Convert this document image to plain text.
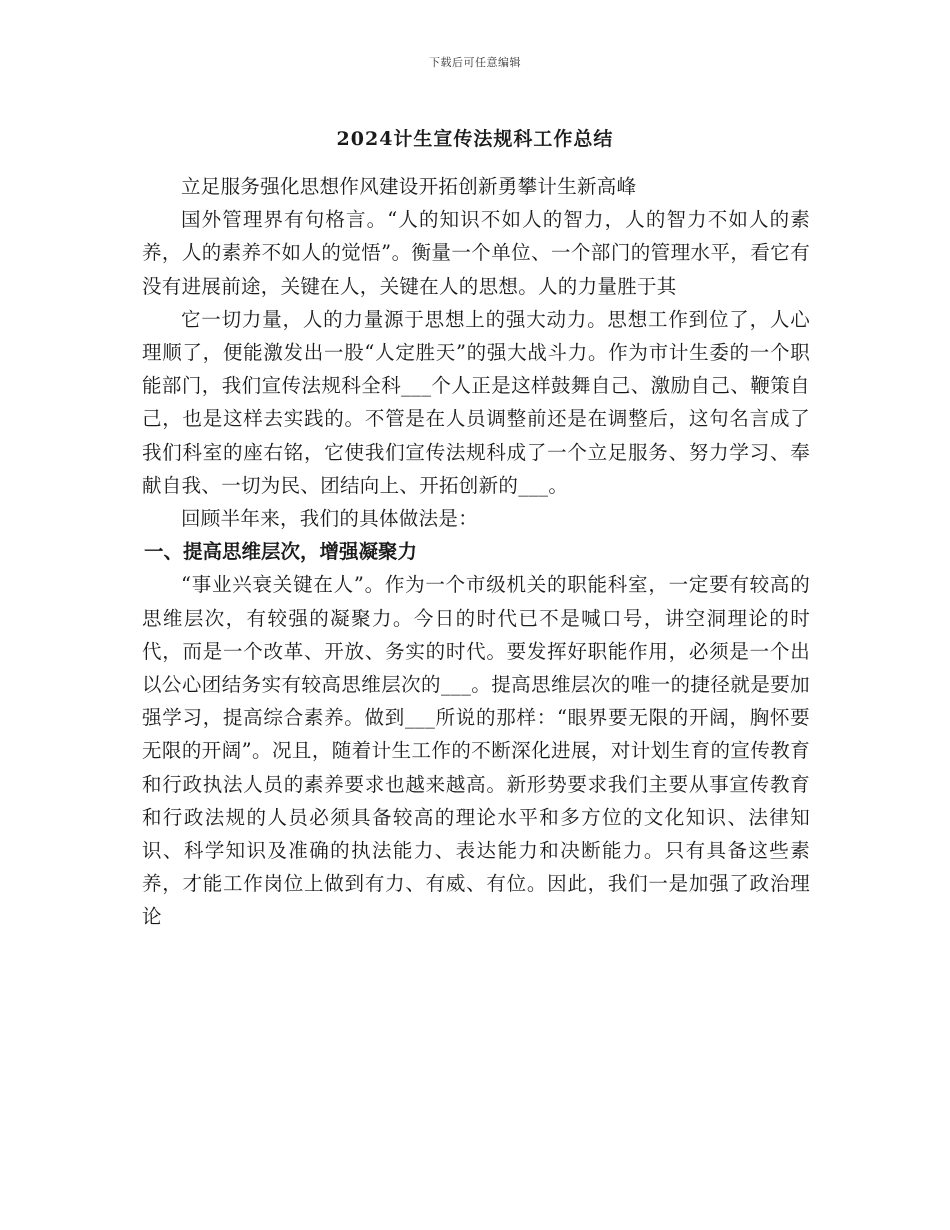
下载后可任意编辑
2024计生宣传法规科工作总结

立足服务强化思想作风建设开拓创新勇攀计生新高峰

国外管理界有句格言。“人的知识不如人的智力，人的智力不如人的素养，人的素养不如人的觉悟”。衡量一个单位、一个部门的管理水平，看它有没有进展前途，关键在人，关键在人的思想。人的力量胜于其

它一切力量，人的力量源于思想上的强大动力。思想工作到位了，人心理顺了，便能激发出一股“人定胜天”的强大战斗力。作为市计生委的一个职能部门，我们宣传法规科全科___个人正是这样鼓舞自己、激励自己、鞭策自己，也是这样去实践的。不管是在人员调整前还是在调整后，这句名言成了我们科室的座右铭，它使我们宣传法规科成了一个立足服务、努力学习、奉献自我、一切为民、团结向上、开拓创新的___。

回顾半年来，我们的具体做法是：

一、提高思维层次，增强凝聚力

“事业兴衰关键在人”。作为一个市级机关的职能科室，一定要有较高的思维层次，有较强的凝聚力。今日的时代已不是喊口号，讲空洞理论的时代，而是一个改革、开放、务实的时代。要发挥好职能作用，必须是一个出以公心团结务实有较高思维层次的___。提高思维层次的唯一的捷径就是要加强学习，提高综合素养。做到___所说的那样：“眼界要无限的开阔，胸怀要无限的开阔”。况且，随着计生工作的不断深化进展，对计划生育的宣传教育和行政执法人员的素养要求也越来越高。新形势要求我们主要从事宣传教育和行政法规的人员必须具备较高的理论水平和多方位的文化知识、法律知识、科学知识及准确的执法能力、表达能力和决断能力。只有具备这些素养，才能工作岗位上做到有力、有威、有位。因此，我们一是加强了政治理论
